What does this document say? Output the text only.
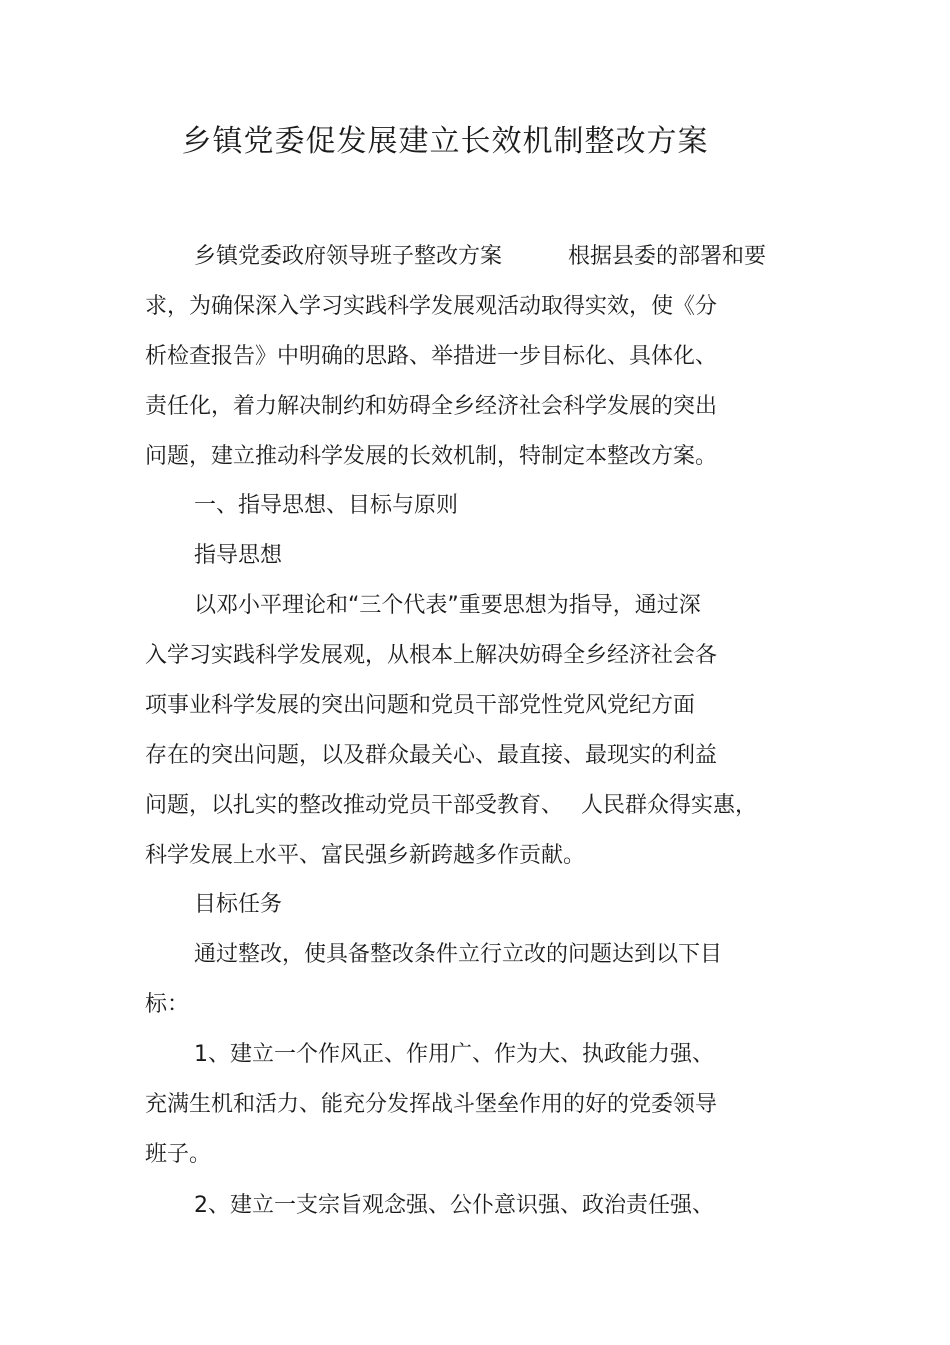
乡镇党委促发展建立长效机制整改方案
乡镇党委政府领导班子整改方案　　　根据县委的部署和要
求，为确保深入学习实践科学发展观活动取得实效，使《分
析检查报告》中明确的思路、举措进一步目标化、具体化、
责任化，着力解决制约和妨碍全乡经济社会科学发展的突出
问题，建立推动科学发展的长效机制，特制定本整改方案。
一、指导思想、目标与原则
指导思想
以邓小平理论和“三个代表”重要思想为指导，通过深
入学习实践科学发展观，从根本上解决妨碍全乡经济社会各
项事业科学发展的突出问题和党员干部党性党风党纪方面
存在的突出问题，以及群众最关心、最直接、最现实的利益
问题，以扎实的整改推动党员干部受教育、　 人民群众得实惠，
科学发展上水平、富民强乡新跨越多作贡献。
目标任务
通过整改，使具备整改条件立行立改的问题达到以下目
标：
1、建立一个作风正、作用广、作为大、执政能力强、
充满生机和活力、能充分发挥战斗堡垒作用的好的党委领导
班子。
2、建立一支宗旨观念强、公仆意识强、政治责任强、
